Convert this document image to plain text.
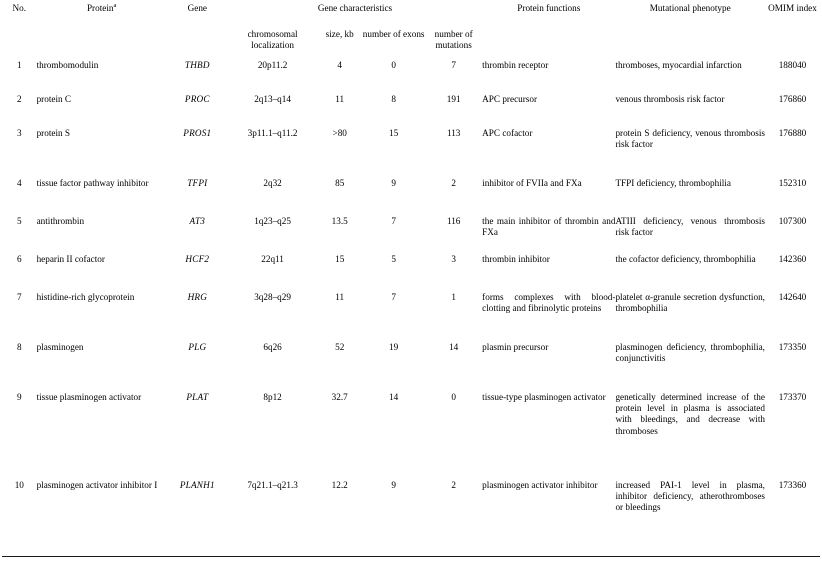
No.	Protein$^a$	Gene	Gene characteristics				Protein functions	Mutational phenotype	OMIM index
			chromosomal localization	size, kb	number of exons	number of mutations			
1	thrombomodulin	THBD	20p11.2	4	0	7	thrombin receptor	thromboses, myocardial infarction	188040
2	protein C	PROC	2q13–q14	11	8	191	APC precursor	venous thrombosis risk factor	176860
3	protein S	PROS1	3p11.1–q11.2	>80	15	113	APC cofactor	protein S deficiency, venous thrombosis risk factor	176880
4	tissue factor pathway inhibitor	TFPI	2q32	85	9	2	inhibitor of FVIIa and FXa	TFPI deficiency, thrombophilia	152310
5	antithrombin	AT3	1q23–q25	13.5	7	116	the main inhibitor of thrombin and FXa	ATIII deficiency, venous thrombosis risk factor	107300
6	heparin II cofactor	HCF2	22q11	15	5	3	thrombin inhibitor	the cofactor deficiency, thrombophilia	142360
7	histidine-rich glycoprotein	HRG	3q28–q29	11	7	1	forms complexes with blood-clotting and fibrinolytic proteins	platelet α-granule secretion dysfunction, thrombophilia	142640
8	plasminogen	PLG	6q26	52	19	14	plasmin precursor	plasminogen deficiency, thrombophilia, conjunctivitis	173350
9	tissue plasminogen activator	PLAT	8p12	32.7	14	0	tissue-type plasminogen activator	genetically determined increase of the protein level in plasma is associated with bleedings, and decrease with thromboses	173370
10	plasminogen activator inhibitor I	PLANH1	7q21.1–q21.3	12.2	9	2	plasminogen activator inhibitor	increased PAI-1 level in plasma, inhibitor deficiency, atherothromboses or bleedings	173360
